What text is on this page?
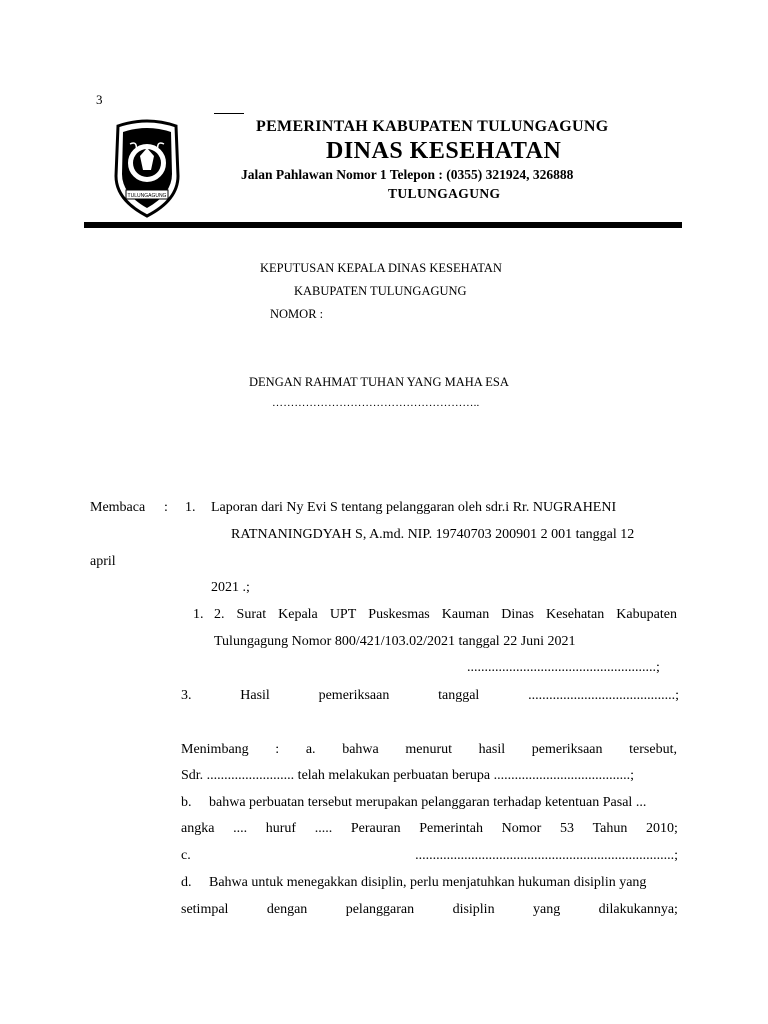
3
TULUNGAGUNG
PEMERINTAH KABUPATEN TULUNGAGUNG
DINAS KESEHATAN
Jalan Pahlawan Nomor 1 Telepon : (0355) 321924, 326888
TULUNGAGUNG
KEPUTUSAN KEPALA DINAS KESEHATAN
KABUPATEN TULUNGAGUNG
NOMOR :
DENGAN RAHMAT TUHAN YANG MAHA ESA
………………………………………………..
Membaca : 1. Laporan dari Ny Evi S tentang pelanggaran oleh sdr.i Rr. NUGRAHENI
RATNANINGDYAH S, A.md. NIP. 19740703 200901 2 001 tanggal 12
april
2021 .;
1. 2. Surat Kepala UPT Puskesmas Kauman Dinas Kesehatan Kabupaten
Tulungagung Nomor 800/421/103.02/2021 tanggal 22 Juni 2021
......................................................;
3.	Hasil	pemeriksaan	tanggal	..........................................;
Menimbang : a. bahwa menurut hasil pemeriksaan tersebut,
Sdr. ......................... telah melakukan perbuatan berupa .......................................;
b.     bahwa perbuatan tersebut merupakan pelanggaran terhadap ketentuan Pasal ...
angka .... huruf ..... Perauran Pemerintah Nomor 53 Tahun 2010;
c.	..........................................................................;
d.     Bahwa untuk menegakkan disiplin, perlu menjatuhkan hukuman disiplin yang
setimpal	dengan	pelanggaran	disiplin	yang	dilakukannya;
